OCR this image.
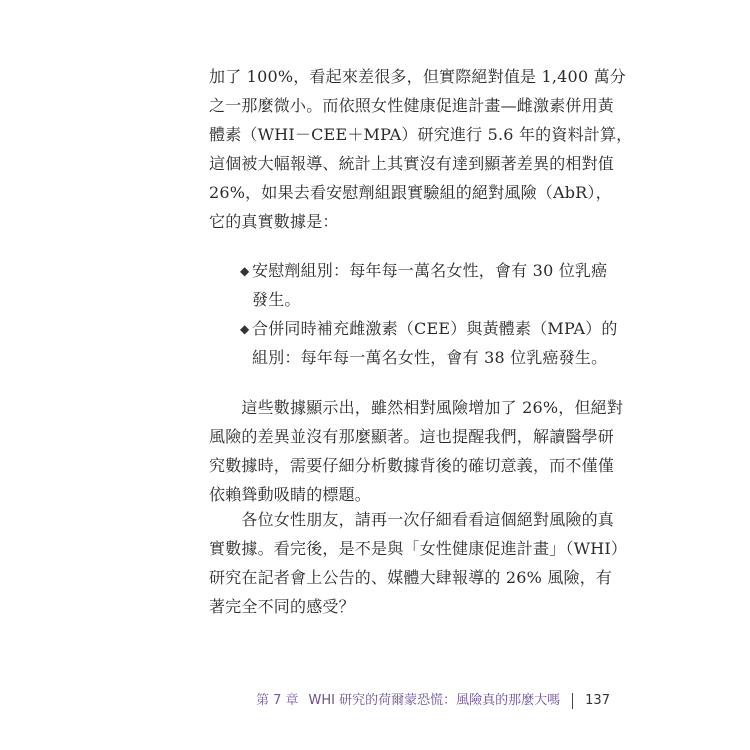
加了 100%，看起來差很多，但實際絕對值是 1,400 萬分
之一那麼微小。而依照女性健康促進計畫—雌激素併用黃
體素（WHI－CEE＋MPA）研究進行 5.6 年的資料計算，
這個被大幅報導、統計上其實沒有達到顯著差異的相對值
26%，如果去看安慰劑組跟實驗組的絕對風險（AbR），
它的真實數據是：
◆ 安慰劑組別：每年每一萬名女性，會有 30 位乳癌
發生。
◆ 合併同時補充雌激素（CEE）與黃體素（MPA）的
組別：每年每一萬名女性，會有 38 位乳癌發生。
　　這些數據顯示出，雖然相對風險增加了 26%，但絕對
風險的差異並沒有那麼顯著。這也提醒我們，解讀醫學研
究數據時，需要仔細分析數據背後的確切意義，而不僅僅
依賴聳動吸睛的標題。
　　各位女性朋友，請再一次仔細看看這個絕對風險的真
實數據。看完後，是不是與「女性健康促進計畫」（WHI）
研究在記者會上公告的、媒體大肆報導的 26% 風險，有
著完全不同的感受？
第 7 章 WHI 研究的荷爾蒙恐慌：風險真的那麼大嗎 137
